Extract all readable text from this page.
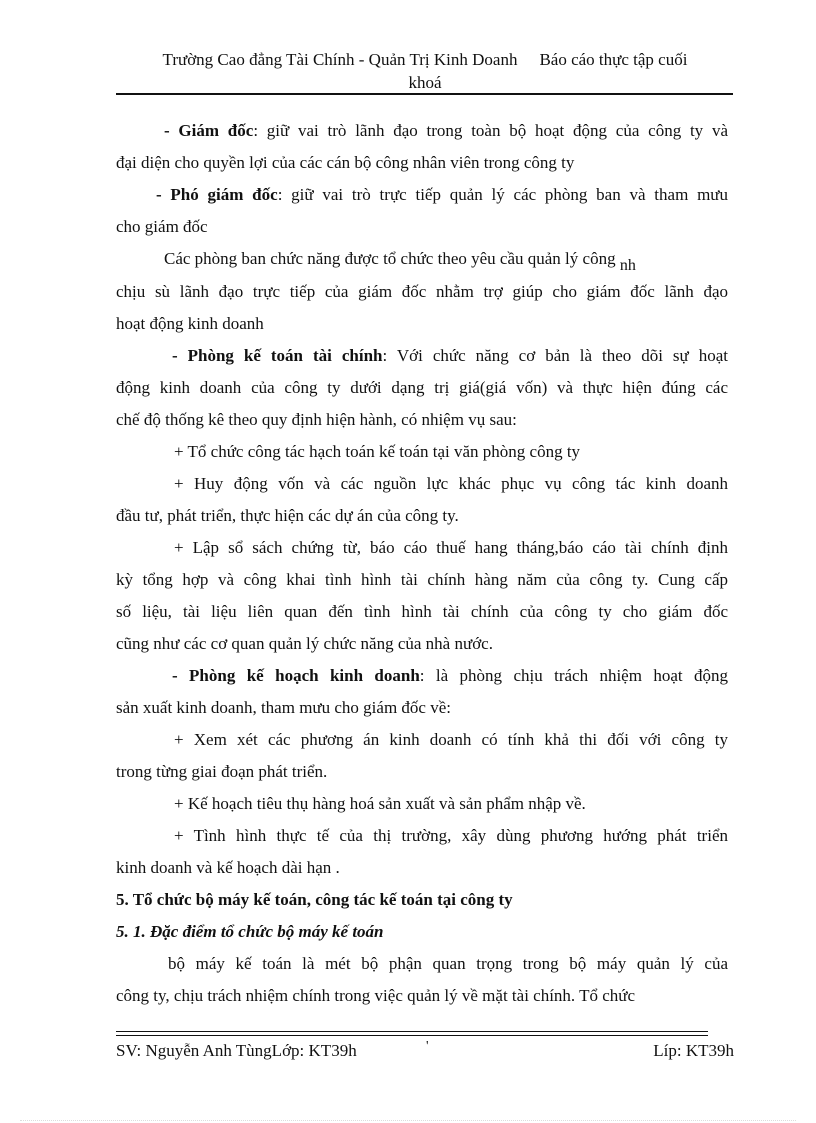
Trường Cao đẳng Tài Chính - Quản Trị Kinh Doanh Báo cáo thực tập cuối
khoá
- Giám đốc: giữ vai trò lãnh đạo trong toàn bộ hoạt động của công ty và
đại diện cho quyền lợi của các cán bộ công nhân viên trong công ty
- Phó giám đốc: giữ vai trò trực tiếp quản lý các phòng ban và tham mưu
cho giám đốc
Các phòng ban chức năng được tổ chức theo yêu cầu quản lý công nh
chịu sù lãnh đạo trực tiếp của giám đốc nhằm trợ giúp cho giám đốc lãnh đạo
hoạt động kinh doanh
- Phòng kế toán tài chính: Với chức năng cơ bản là theo dõi sự hoạt
động kinh doanh của công ty dưới dạng trị giá(giá vốn) và thực hiện đúng các
chế độ thống kê theo quy định hiện hành, có nhiệm vụ sau:
+ Tổ chức công tác hạch toán kế toán tại văn phòng công ty
+ Huy động vốn và các nguồn lực khác phục vụ công tác kinh doanh
đầu tư, phát triển, thực hiện các dự án của công ty.
+ Lập sổ sách chứng từ, báo cáo thuế hang tháng,báo cáo tài chính định
kỳ tổng hợp và công khai tình hình tài chính hàng năm của công ty. Cung cấp
số liệu, tài liệu liên quan đến tình hình tài chính của công ty cho giám đốc
cũng như các cơ quan quản lý chức năng của nhà nước.
- Phòng kế hoạch kinh doanh: là phòng chịu trách nhiệm hoạt động
sản xuất kinh doanh, tham mưu cho giám đốc về:
+ Xem xét các phương án kinh doanh có tính khả thi đối với công ty
trong từng giai đoạn phát triển.
+ Kế hoạch tiêu thụ hàng hoá sản xuất và sản phẩm nhập về.
+ Tình hình thực tế của thị trường, xây dùng phương hướng phát triển
kinh doanh và kế hoạch dài hạn .
5. Tổ chức bộ máy kế toán, công tác kế toán tại công ty
5. 1. Đặc điểm tổ chức bộ máy kế toán
bộ máy kế toán là mét bộ phận quan trọng trong bộ máy quản lý của
công ty, chịu trách nhiệm chính trong việc quản lý về mặt tài chính. Tổ chức
SV: Nguyễn Anh TùngLớp: KT39h	'	Líp: KT39h
